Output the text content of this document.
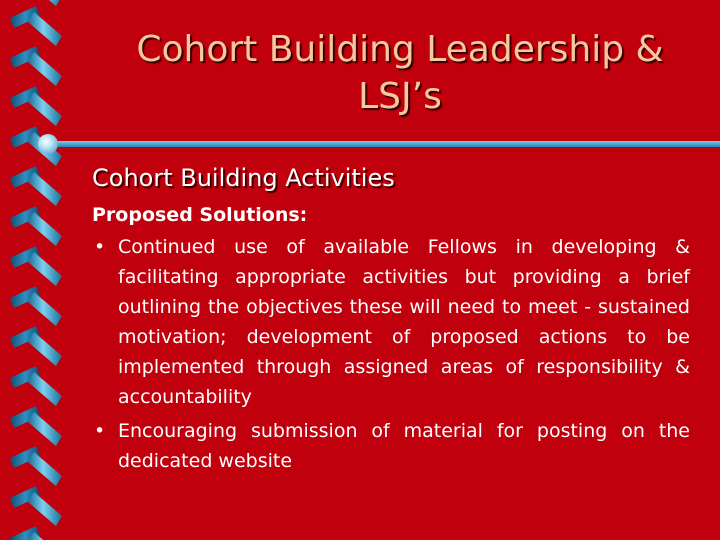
Cohort Building Leadership & LSJ’s
Cohort Building Activities
Proposed Solutions:
• Continued use of available Fellows in developing & facilitating appropriate activities but providing a brief outlining the objectives these will need to meet - sustained motivation; development of proposed actions to be implemented through assigned areas of responsibility & accountability
• Encouraging submission of material for posting on the dedicated website
